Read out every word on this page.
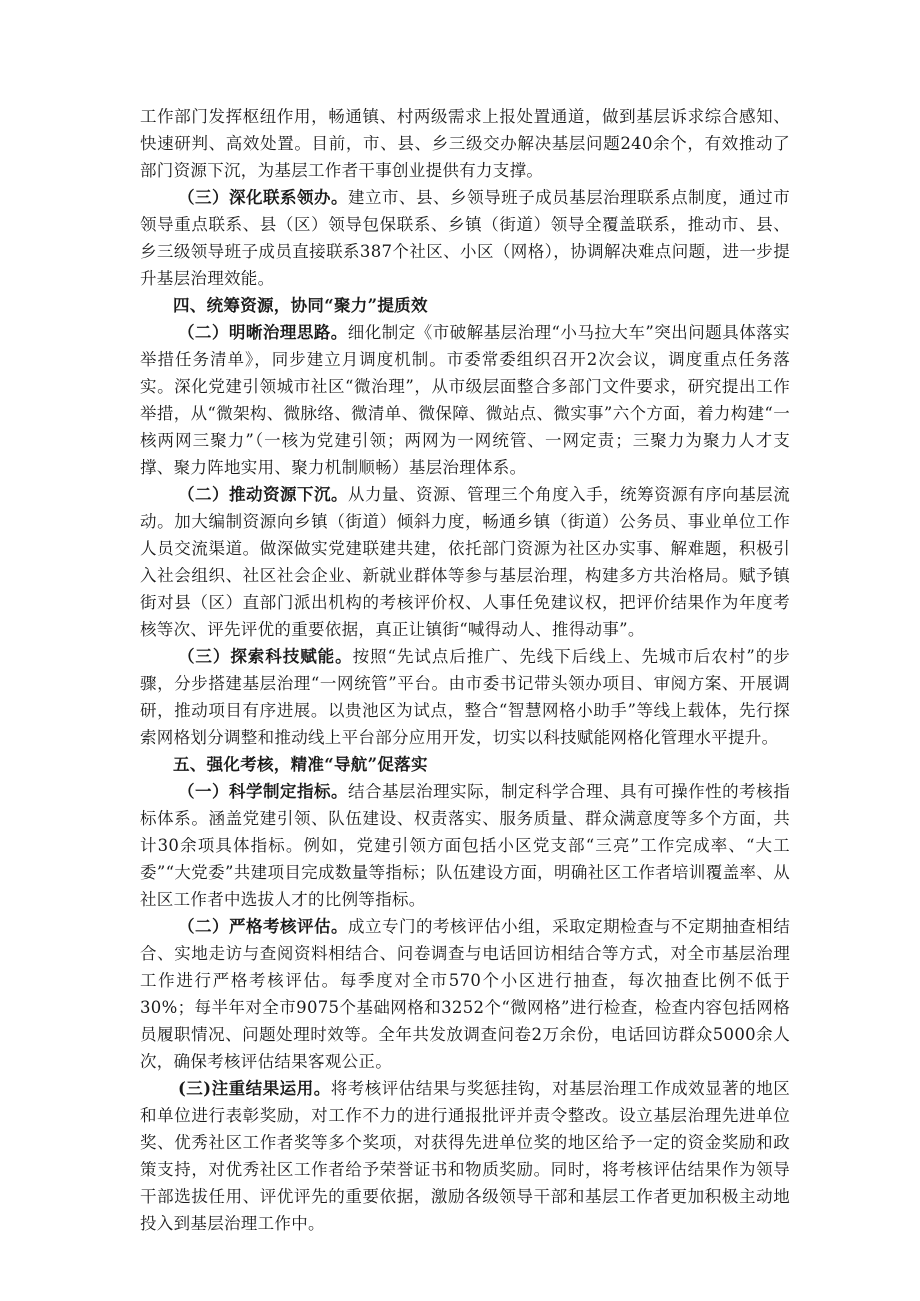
工作部门发挥枢纽作用，畅通镇、村两级需求上报处置通道，做到基层诉求综合感知、快速研判、高效处置。目前，市、县、乡三级交办解决基层问题240余个，有效推动了部门资源下沉，为基层工作者干事创业提供有力支撑。

（三）深化联系领办。建立市、县、乡领导班子成员基层治理联系点制度，通过市领导重点联系、县（区）领导包保联系、乡镇（街道）领导全覆盖联系，推动市、县、乡三级领导班子成员直接联系387个社区、小区（网格），协调解决难点问题，进一步提升基层治理效能。

四、统筹资源，协同“聚力”提质效

（二）明晰治理思路。细化制定《市破解基层治理“小马拉大车”突出问题具体落实举措任务清单》，同步建立月调度机制。市委常委组织召开2次会议，调度重点任务落实。深化党建引领城市社区“微治理”，从市级层面整合多部门文件要求，研究提出工作举措，从“微架构、微脉络、微清单、微保障、微站点、微实事”六个方面，着力构建“一核两网三聚力”（一核为党建引领；两网为一网统管、一网定责；三聚力为聚力人才支撑、聚力阵地实用、聚力机制顺畅）基层治理体系。

（二）推动资源下沉。从力量、资源、管理三个角度入手，统筹资源有序向基层流动。加大编制资源向乡镇（街道）倾斜力度，畅通乡镇（街道）公务员、事业单位工作人员交流渠道。做深做实党建联建共建，依托部门资源为社区办实事、解难题，积极引入社会组织、社区社会企业、新就业群体等参与基层治理，构建多方共治格局。赋予镇街对县（区）直部门派出机构的考核评价权、人事任免建议权，把评价结果作为年度考核等次、评先评优的重要依据，真正让镇街“喊得动人、推得动事”。

（三）探索科技赋能。按照“先试点后推广、先线下后线上、先城市后农村”的步骤，分步搭建基层治理“一网统管”平台。由市委书记带头领办项目、审阅方案、开展调研，推动项目有序进展。以贵池区为试点，整合“智慧网格小助手”等线上载体，先行探索网格划分调整和推动线上平台部分应用开发，切实以科技赋能网格化管理水平提升。

五、强化考核，精准“导航”促落实

（一）科学制定指标。结合基层治理实际，制定科学合理、具有可操作性的考核指标体系。涵盖党建引领、队伍建设、权责落实、服务质量、群众满意度等多个方面，共计30余项具体指标。例如，党建引领方面包括小区党支部“三亮”工作完成率、“大工委”“大党委”共建项目完成数量等指标；队伍建设方面，明确社区工作者培训覆盖率、从社区工作者中选拔人才的比例等指标。

（二）严格考核评估。成立专门的考核评估小组，采取定期检查与不定期抽查相结合、实地走访与查阅资料相结合、问卷调查与电话回访相结合等方式，对全市基层治理工作进行严格考核评估。每季度对全市570个小区进行抽查，每次抽查比例不低于30%；每半年对全市9075个基础网格和3252个“微网格”进行检查，检查内容包括网格员履职情况、问题处理时效等。全年共发放调查问卷2万余份，电话回访群众5000余人次，确保考核评估结果客观公正。

(三)注重结果运用。将考核评估结果与奖惩挂钩，对基层治理工作成效显著的地区和单位进行表彰奖励，对工作不力的进行通报批评并责令整改。设立基层治理先进单位奖、优秀社区工作者奖等多个奖项，对获得先进单位奖的地区给予一定的资金奖励和政策支持，对优秀社区工作者给予荣誉证书和物质奖励。同时，将考核评估结果作为领导干部选拔任用、评优评先的重要依据，激励各级领导干部和基层工作者更加积极主动地投入到基层治理工作中。
